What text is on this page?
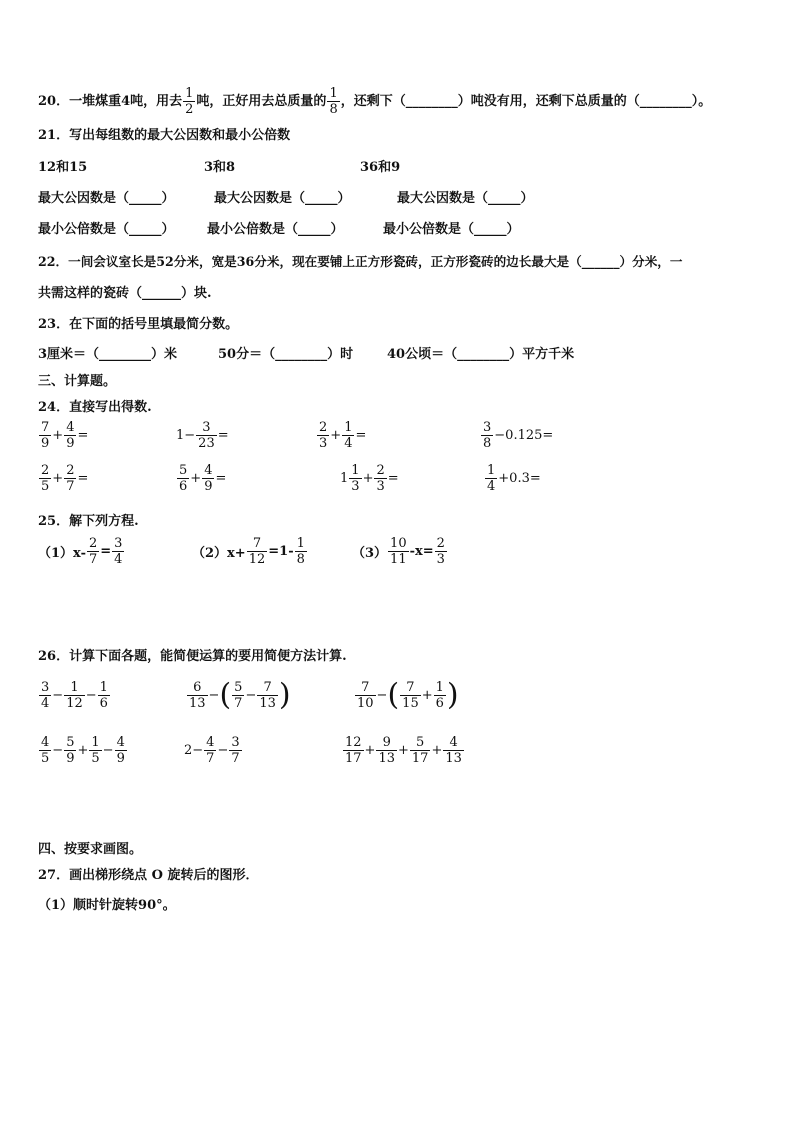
20．一堆煤重4吨，用去 $\frac{1}{2}$ 吨，正好用去总质量的 $\frac{1}{8}$ ，还剩下（________）吨没有用，还剩下总质量的（________）。
21．写出每组数的最大公因数和最小公倍数
12和15	3和8	36和9
最大公因数是（_____）	最大公因数是（_____）	最大公因数是（_____）
最小公倍数是（_____） 最小公倍数是（_____）	最小公倍数是（_____）
22．一间会议室长是52分米，宽是36分米，现在要铺上正方形瓷砖，正方形瓷砖的边长最大是（______）分米，一
共需这样的瓷砖（______）块.
23．在下面的括号里填最简分数。
3厘米＝（________）米	50分＝（________）时	40公顷＝（________）平方千米
三、计算题。
24．直接写出得数.
$\frac{7}{9} + \frac{4}{9}$ =	$1- \frac{3}{23}$ =	$\frac{2}{3} + \frac{1}{4}$ =	$\frac{3}{8} -0.125=$
$\frac{2}{5} + \frac{2}{7}$ =	$\frac{5}{6} + \frac{4}{9}$ =	$1 \frac{1}{3} + \frac{2}{3}$ =	$\frac{1}{4} +0.3=$
25．解下列方程.
$(1)x- \frac{2}{7} = \frac{3}{4}$	$(2)x+ \frac{7}{12} =1- \frac{1}{8}$	$(3) \frac{10}{11} -x= \frac{2}{3}$
26．计算下面各题，能简便运算的要用简便方法计算.
$\frac{3}{4} - \frac{1}{12} - \frac{1}{6}$	$\frac{6}{13}$ −( $\frac{5}{7} - \frac{7}{13}$ )	$\frac{7}{10}$ −( $\frac{7}{15} + \frac{1}{6}$ )
$\frac{4}{5} - \frac{5}{9} + \frac{1}{5} - \frac{4}{9}$	$2- \frac{4}{7} - \frac{3}{7}$	$\frac{12}{17} + \frac{9}{13} + \frac{5}{17} + \frac{4}{13}$
四、按要求画图。
27．画出梯形绕点 O 旋转后的图形．
（1）顺时针旋转90°。
